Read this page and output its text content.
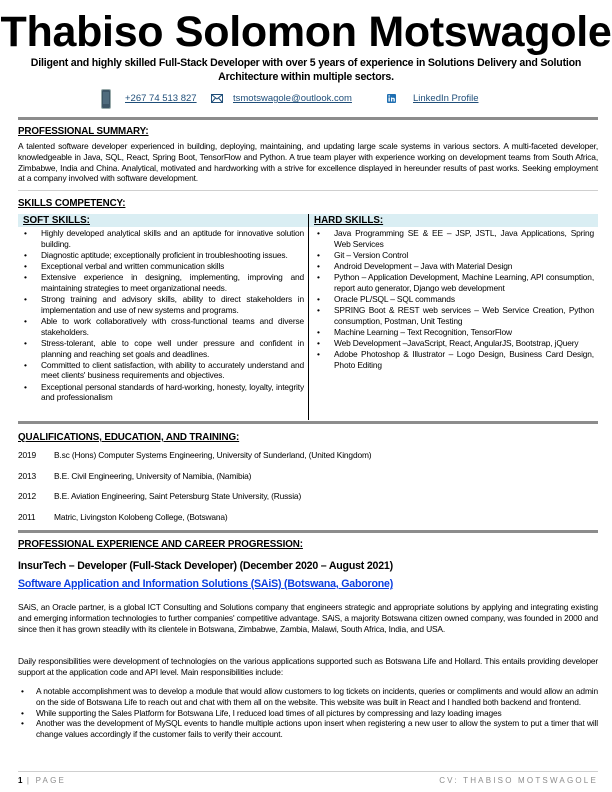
Thabiso Solomon Motswagole
Diligent and highly skilled Full-Stack Developer with over 5 years of experience in Solutions Delivery and Solution Architecture within multiple sectors.
+267 74 513 827	tsmotswagole@outlook.com	LinkedIn Profile
PROFESSIONAL SUMMARY:
A talented software developer experienced in building, deploying, maintaining, and updating large scale systems in various sectors. A multi-faceted developer, knowledgeable in Java, SQL, React, Spring Boot, TensorFlow and Python. A true team player with experience working on development teams from South Africa, Zimbabwe, India and China. Analytical, motivated and hardworking with a strive for excellence displayed in hereunder results of past works. Seeking employment at a company involved with software development.
SKILLS COMPETENCY:
SOFT SKILLS:
• Highly developed analytical skills and an aptitude for innovative solution building.
• Diagnostic aptitude; exceptionally proficient in troubleshooting issues.
• Exceptional verbal and written communication skills
• Extensive experience in designing, implementing, improving and maintaining strategies to meet organizational needs.
• Strong training and advisory skills, ability to direct stakeholders in implementation and use of new systems and programs.
• Able to work collaboratively with cross-functional teams and diverse stakeholders.
• Stress-tolerant, able to cope well under pressure and confident in planning and reaching set goals and deadlines.
• Committed to client satisfaction, with ability to accurately understand and meet clients' business requirements and objectives.
• Exceptional personal standards of hard-working, honesty, loyalty, integrity and professionalism
HARD SKILLS:
• Java Programming SE & EE – JSP, JSTL, Java Applications, Spring Web Services
• Git – Version Control
• Android Development – Java with Material Design
• Python – Application Development, Machine Learning, API consumption, report auto generator, Django web development
• Oracle PL/SQL – SQL commands
• SPRING Boot & REST web services – Web Service Creation, Python consumption, Postman, Unit Testing
• Machine Learning – Text Recognition, TensorFlow
• Web Development –JavaScript, React, AngularJS, Bootstrap, jQuery
• Adobe Photoshop & Illustrator – Logo Design, Business Card Design, Photo Editing
QUALIFICATIONS, EDUCATION, AND TRAINING:
2019 B.sc (Hons) Computer Systems Engineering, University of Sunderland, (United Kingdom)
2013 B.E. Civil Engineering, University of Namibia, (Namibia)
2012 B.E. Aviation Engineering, Saint Petersburg State University, (Russia)
2011 Matric, Livingston Kolobeng College, (Botswana)
PROFESSIONAL EXPERIENCE AND CAREER PROGRESSION:
InsurTech – Developer (Full-Stack Developer) (December 2020 – August 2021)
Software Application and Information Solutions (SAiS) (Botswana, Gaborone)
SAiS, an Oracle partner, is a global ICT Consulting and Solutions company that engineers strategic and appropriate solutions by applying and integrating existing and emerging information technologies to further companies' competitive advantage. SAiS, a majority Botswana citizen owned company, was founded in 2000 and since then it has grown steadily with its clientele in Botswana, Zimbabwe, Zambia, Malawi, South Africa, India, and USA.
Daily responsibilities were development of technologies on the various applications supported such as Botswana Life and Hollard. This entails providing developer support at the application code and API level. Main responsibilities include:
• A notable accomplishment was to develop a module that would allow customers to log tickets on incidents, queries or compliments and would allow an admin on the side of Botswana Life to reach out and chat with them all on the website. This website was built in React and I handled both backend and frontend.
• While supporting the Sales Platform for Botswana Life, I reduced load times of all pictures by compressing and lazy loading images
• Another was the development of MySQL events to handle multiple actions upon insert when registering a new user to allow the system to put a timer that will change values accordingly if the customer fails to verify their account.
1 | PAGE	CV: THABISO MOTSWAGOLE
